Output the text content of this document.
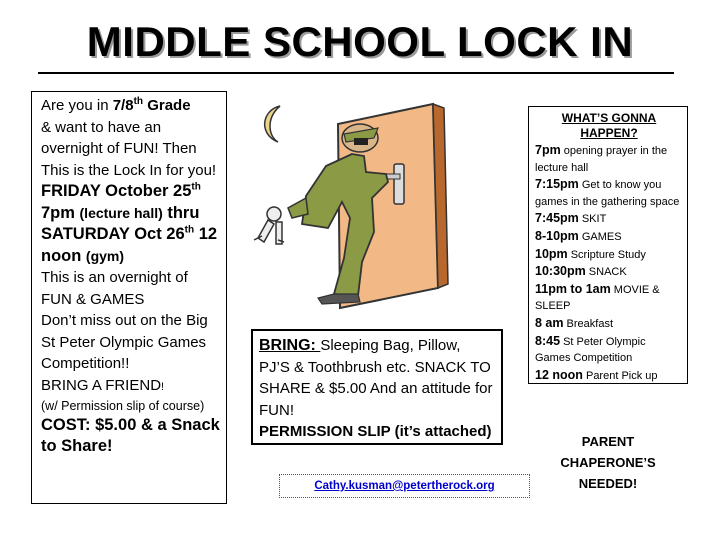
MIDDLE SCHOOL LOCK IN
Are you in 7/8th Grade
& want to have an overnight of FUN! Then This is the Lock In for you!
FRIDAY October 25th 7pm (lecture hall) thru SATURDAY Oct 26th 12 noon (gym)
This is an overnight of FUN & GAMES
Don’t miss out on the Big St Peter Olympic Games Competition!!
BRING A FRIEND!
(w/ Permission slip of course)
COST: $5.00 & a Snack to Share!
BRING: Sleeping Bag, Pillow, PJ’S & Toothbrush etc. SNACK TO SHARE & $5.00 And an attitude for FUN!
PERMISSION SLIP (it’s attached)
Cathy.kusman@petertherock.org
WHAT’S GONNA HAPPEN?
7pm opening prayer in the lecture hall
7:15pm Get to know you games in the gathering space
7:45pm SKIT
8-10pm GAMES
10pm Scripture Study
10:30pm SNACK
11pm to 1am MOVIE & SLEEP
8 am Breakfast
8:45 St Peter Olympic Games Competition
12 noon Parent Pick up
PARENT CHAPERONE’S NEEDED!
